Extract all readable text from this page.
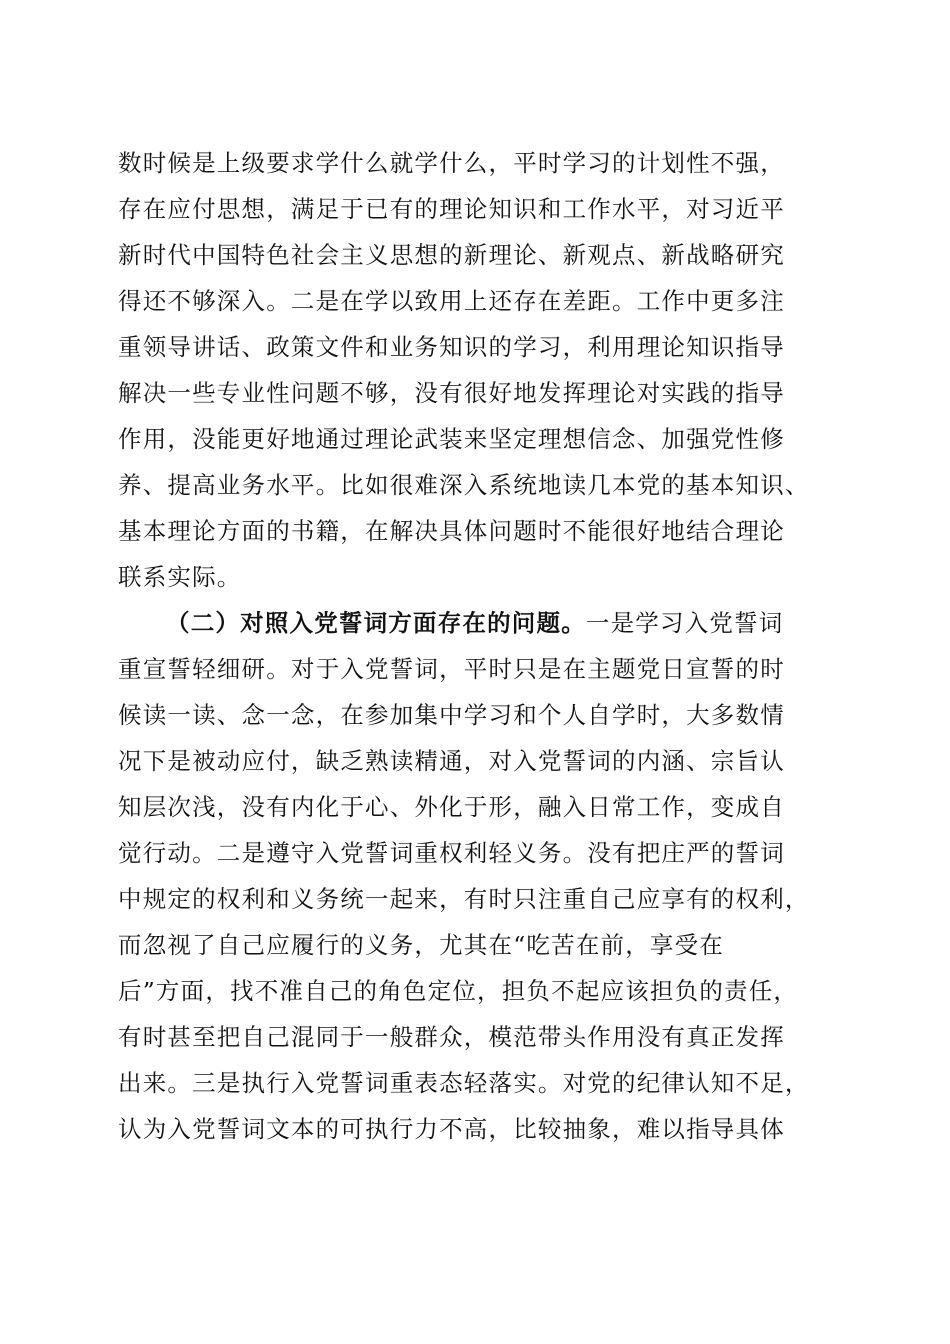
数时候是上级要求学什么就学什么，平时学习的计划性不强，
存在应付思想，满足于已有的理论知识和工作水平，对习近平
新时代中国特色社会主义思想的新理论、新观点、新战略研究
得还不够深入。二是在学以致用上还存在差距。工作中更多注
重领导讲话、政策文件和业务知识的学习，利用理论知识指导
解决一些专业性问题不够，没有很好地发挥理论对实践的指导
作用，没能更好地通过理论武装来坚定理想信念、加强党性修
养、提高业务水平。比如很难深入系统地读几本党的基本知识、
基本理论方面的书籍，在解决具体问题时不能很好地结合理论
联系实际。
（二）对照入党誓词方面存在的问题。一是学习入党誓词
重宣誓轻细研。对于入党誓词，平时只是在主题党日宣誓的时
候读一读、念一念，在参加集中学习和个人自学时，大多数情
况下是被动应付，缺乏熟读精通，对入党誓词的内涵、宗旨认
知层次浅，没有内化于心、外化于形，融入日常工作，变成自
觉行动。二是遵守入党誓词重权利轻义务。没有把庄严的誓词
中规定的权利和义务统一起来，有时只注重自己应享有的权利，
而忽视了自己应履行的义务，尤其在“吃苦在前，享受在
后”方面，找不准自己的角色定位，担负不起应该担负的责任，
有时甚至把自己混同于一般群众，模范带头作用没有真正发挥
出来。三是执行入党誓词重表态轻落实。对党的纪律认知不足，
认为入党誓词文本的可执行力不高，比较抽象，难以指导具体
